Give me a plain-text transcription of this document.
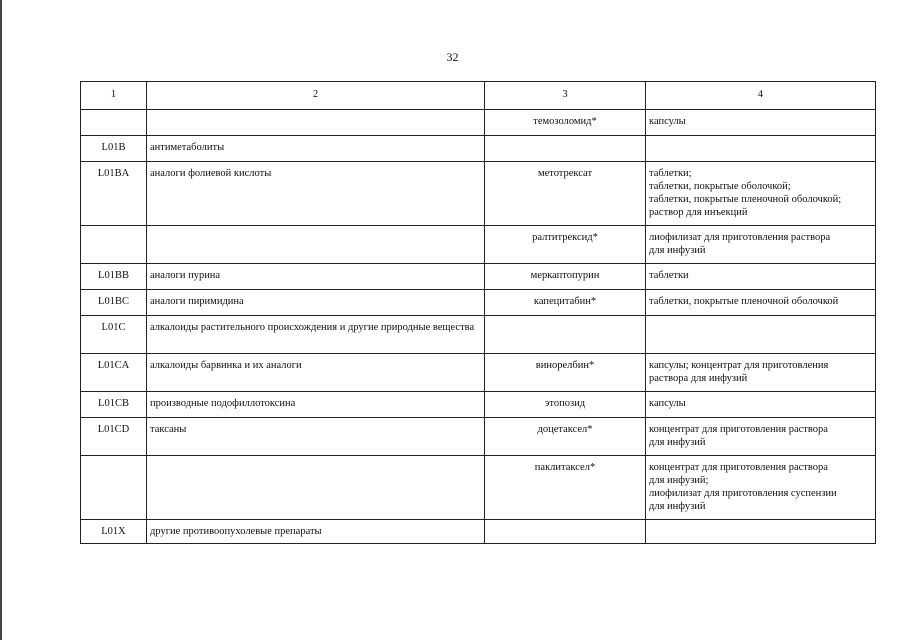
32
1	2	3	4
		темозоломид*	капсулы

L01B	антиметаболиты		
L01BA	аналоги фолиевой кислоты	метотрексат	таблетки;
таблетки, покрытые оболочкой;
таблетки, покрытые пленочной оболочкой;
раствор для инъекций

		ралтитрексид*	лиофилизат для приготовления раствора
для инфузий

L01BB	аналоги пурина	меркаптопурин	таблетки

L01BC	аналоги пиримидина	капецитабин*	таблетки, покрытые пленочной оболочкой

L01C	алкалоиды растительного происхождения и другие природные вещества		
L01CA	алкалоиды барвинка и их аналоги	винорелбин*	капсулы; концентрат для приготовления
раствора для инфузий

L01CB	производные подофиллотоксина	этопозид	капсулы

L01CD	таксаны	доцетаксел*	концентрат для приготовления раствора
для инфузий

		паклитаксел*	концентрат для приготовления раствора
для инфузий;
лиофилизат для приготовления суспензии
для инфузий

L01X	другие противоопухолевые препараты		
